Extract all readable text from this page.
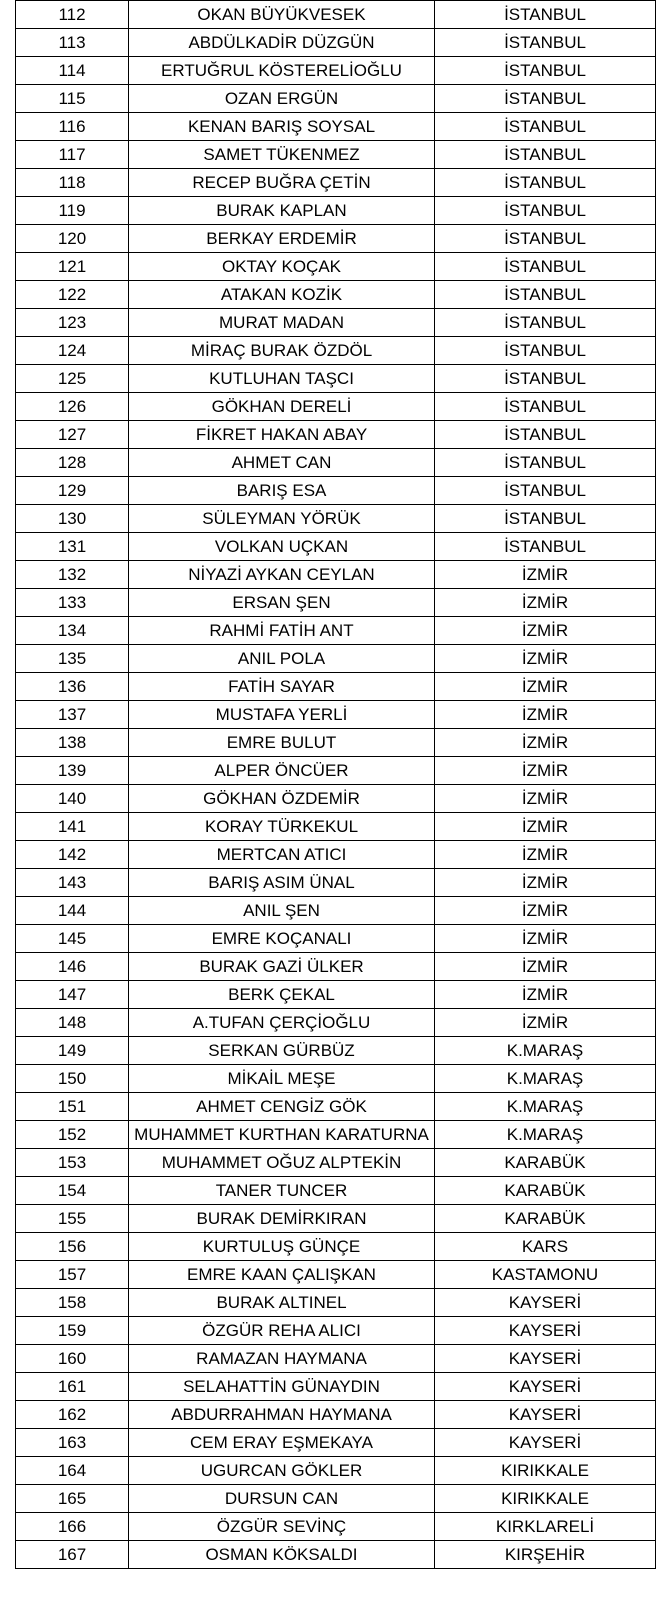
112	OKAN BÜYÜKVESEK	İSTANBUL
113	ABDÜLKADİR DÜZGÜN	İSTANBUL
114	ERTUĞRUL KÖSTERELİOĞLU	İSTANBUL
115	OZAN ERGÜN	İSTANBUL
116	KENAN BARIŞ SOYSAL	İSTANBUL
117	SAMET TÜKENMEZ	İSTANBUL
118	RECEP BUĞRA ÇETİN	İSTANBUL
119	BURAK KAPLAN	İSTANBUL
120	BERKAY ERDEMİR	İSTANBUL
121	OKTAY KOÇAK	İSTANBUL
122	ATAKAN KOZİK	İSTANBUL
123	MURAT MADAN	İSTANBUL
124	MİRAÇ BURAK ÖZDÖL	İSTANBUL
125	KUTLUHAN TAŞCI	İSTANBUL
126	GÖKHAN DERELİ	İSTANBUL
127	FİKRET HAKAN ABAY	İSTANBUL
128	AHMET CAN	İSTANBUL
129	BARIŞ ESA	İSTANBUL
130	SÜLEYMAN YÖRÜK	İSTANBUL
131	VOLKAN UÇKAN	İSTANBUL
132	NİYAZİ AYKAN CEYLAN	İZMİR
133	ERSAN ŞEN	İZMİR
134	RAHMİ FATİH ANT	İZMİR
135	ANIL POLA	İZMİR
136	FATİH SAYAR	İZMİR
137	MUSTAFA YERLİ	İZMİR
138	EMRE BULUT	İZMİR
139	ALPER ÖNCÜER	İZMİR
140	GÖKHAN ÖZDEMİR	İZMİR
141	KORAY TÜRKEKUL	İZMİR
142	MERTCAN ATICI	İZMİR
143	BARIŞ ASIM ÜNAL	İZMİR
144	ANIL ŞEN	İZMİR
145	EMRE KOÇANALI	İZMİR
146	BURAK GAZİ ÜLKER	İZMİR
147	BERK ÇEKAL	İZMİR
148	A.TUFAN ÇERÇİOĞLU	İZMİR
149	SERKAN GÜRBÜZ	K.MARAŞ
150	MİKAİL MEŞE	K.MARAŞ
151	AHMET CENGİZ GÖK	K.MARAŞ
152	MUHAMMET KURTHAN KARATURNA	K.MARAŞ
153	MUHAMMET OĞUZ ALPTEKİN	KARABÜK
154	TANER TUNCER	KARABÜK
155	BURAK DEMİRKIRAN	KARABÜK
156	KURTULUŞ GÜNÇE	KARS
157	EMRE KAAN ÇALIŞKAN	KASTAMONU
158	BURAK ALTINEL	KAYSERİ
159	ÖZGÜR REHA ALICI	KAYSERİ
160	RAMAZAN HAYMANA	KAYSERİ
161	SELAHATTİN GÜNAYDIN	KAYSERİ
162	ABDURRAHMAN HAYMANA	KAYSERİ
163	CEM ERAY EŞMEKAYA	KAYSERİ
164	UGURCAN GÖKLER	KIRIKKALE
165	DURSUN CAN	KIRIKKALE
166	ÖZGÜR SEVİNÇ	KIRKLARELİ
167	OSMAN KÖKSALDI	KIRŞEHİR
